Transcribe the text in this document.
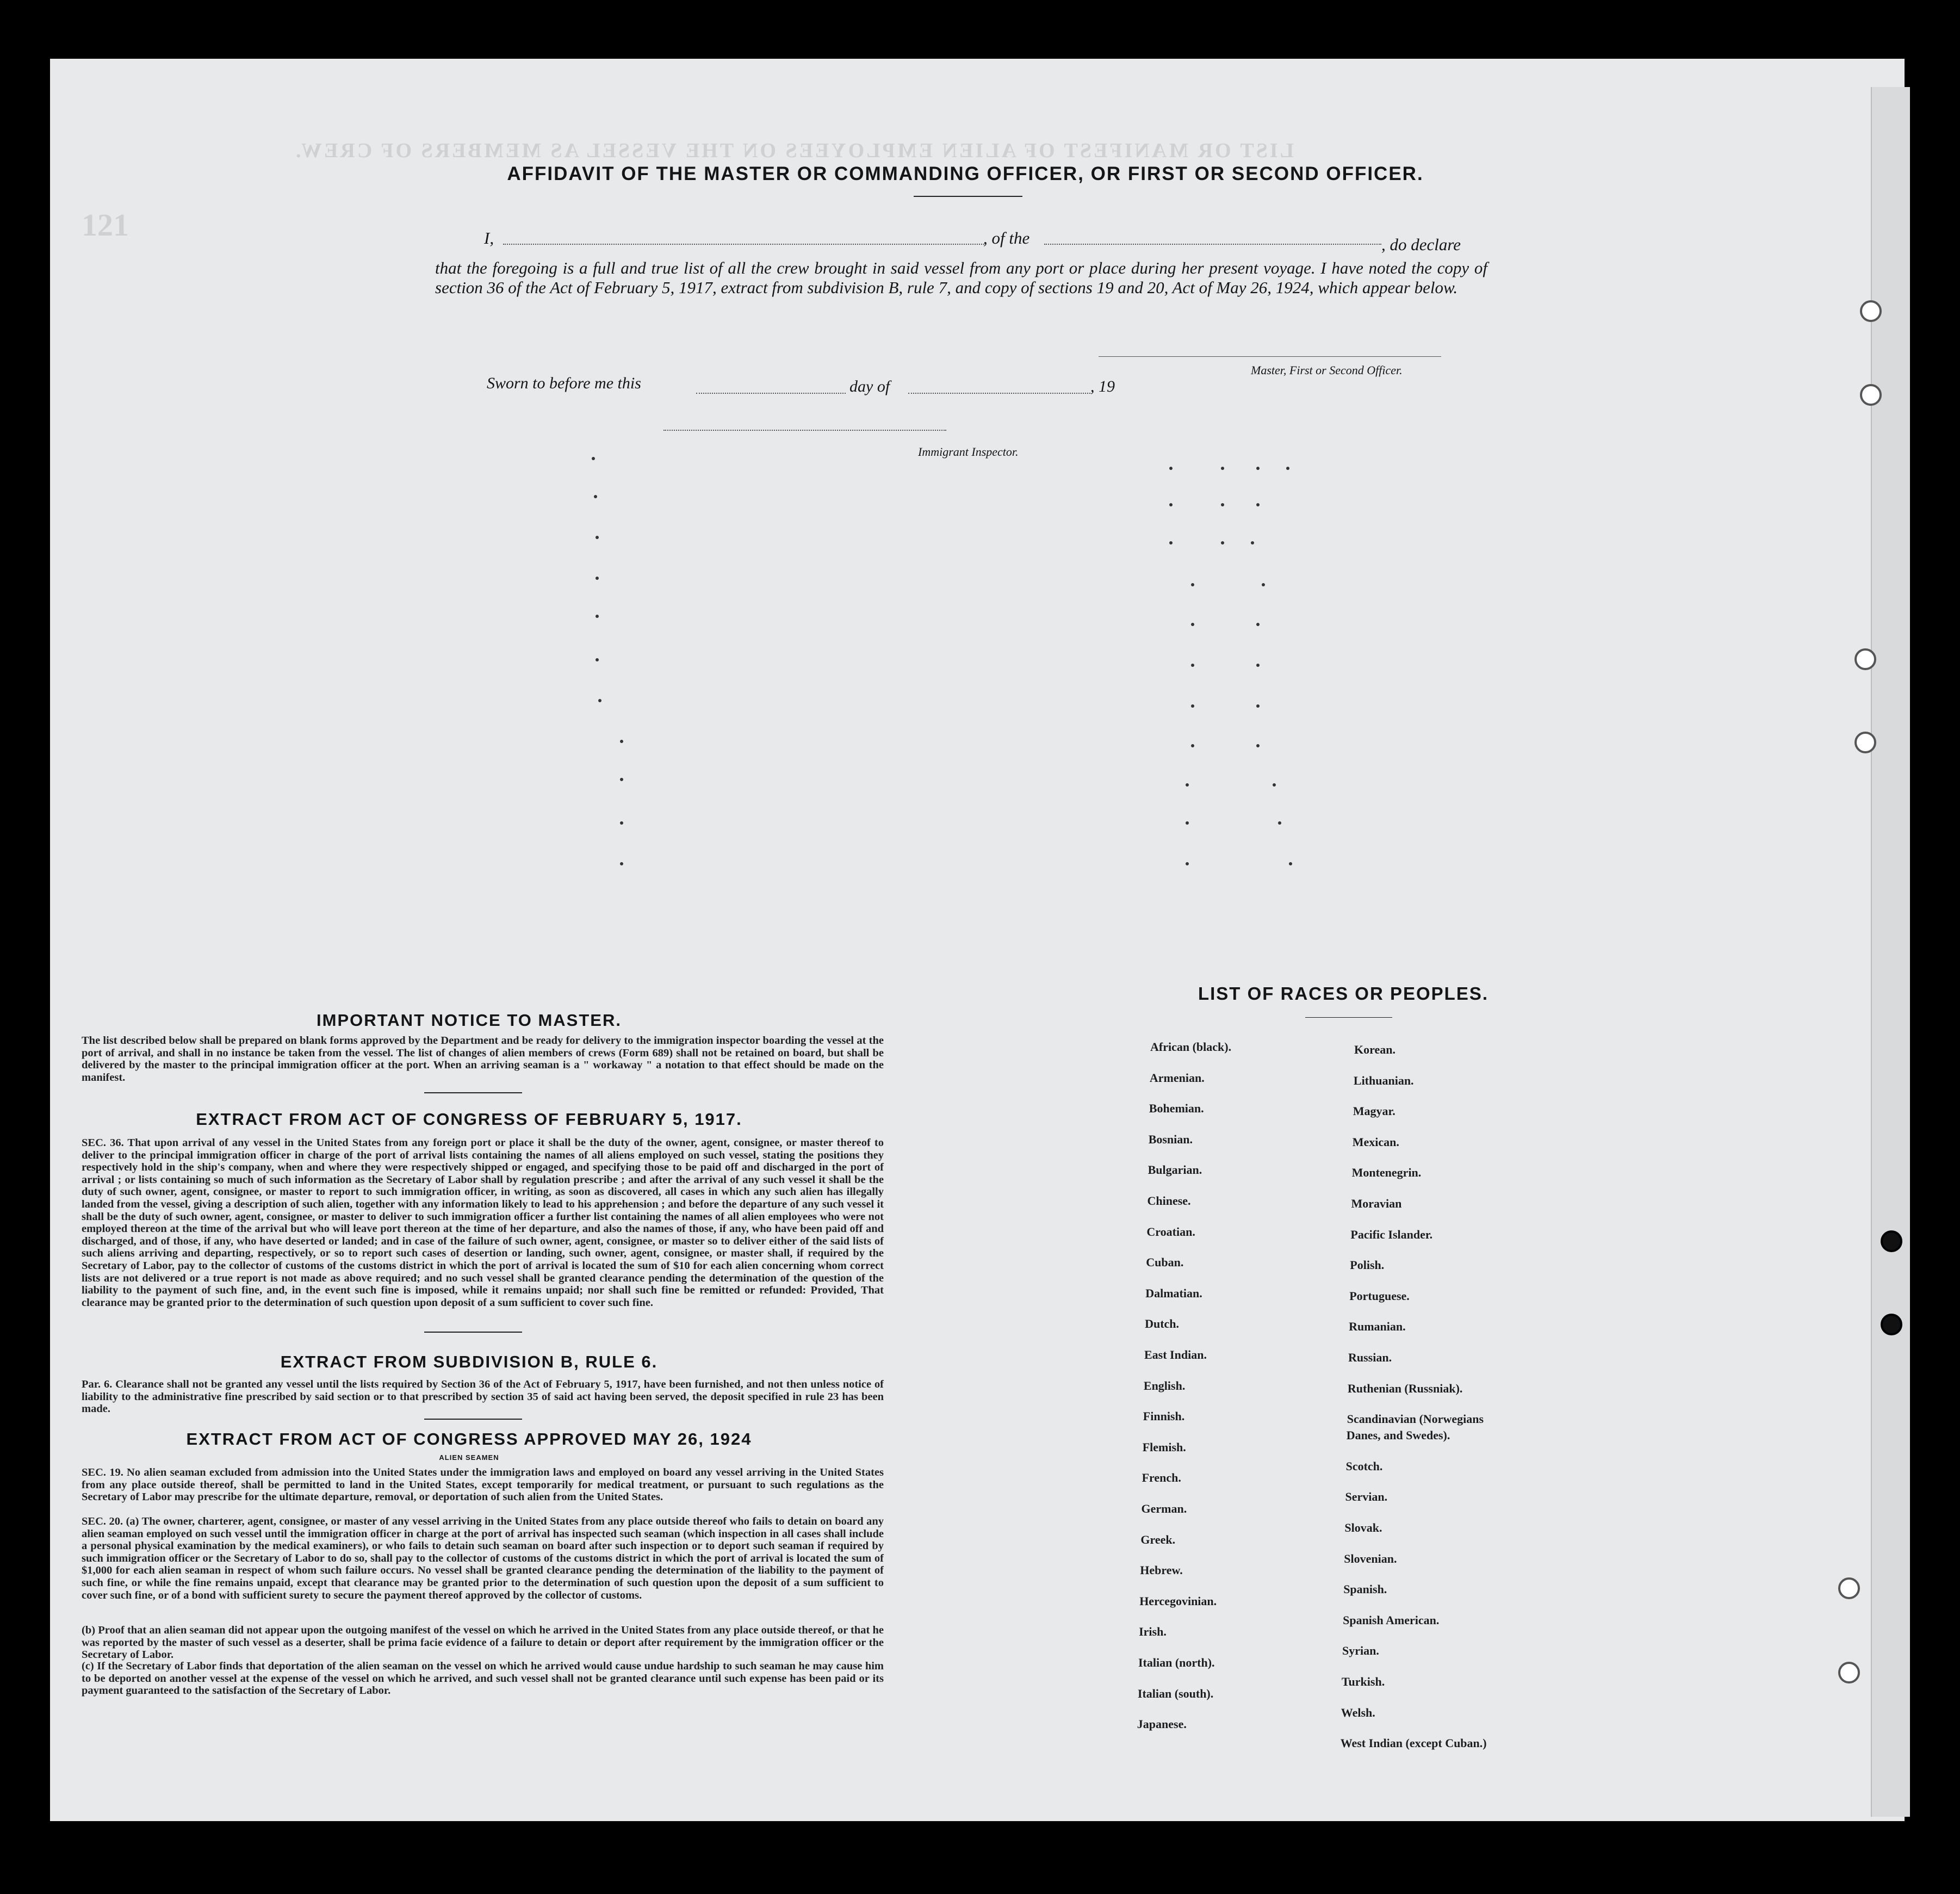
121
LIST OR MANIFEST OF ALIEN EMPLOYEES ON THE VESSEL AS MEMBERS OF CREW.
AFFIDAVIT OF THE MASTER OR COMMANDING OFFICER, OR FIRST OR SECOND OFFICER.
I,	, of the	, do declare
that the foregoing is a full and true list of all the crew brought in said vessel from any port or place during her present voyage. I have noted the copy of section 36 of the Act of February 5, 1917, extract from subdivision B, rule 7, and copy of sections 19 and 20, Act of May 26, 1924, which appear below.
Master, First or Second Officer.
Sworn to before me this	day of	, 19
Immigrant Inspector.
IMPORTANT NOTICE TO MASTER.
The list described below shall be prepared on blank forms approved by the Department and be ready for delivery to the immigration inspector boarding the vessel at the port of arrival, and shall in no instance be taken from the vessel. The list of changes of alien members of crews (Form 689) shall not be retained on board, but shall be delivered by the master to the principal immigration officer at the port. When an arriving seaman is a " workaway " a notation to that effect should be made on the manifest.
EXTRACT FROM ACT OF CONGRESS OF FEBRUARY 5, 1917.
SEC. 36. That upon arrival of any vessel in the United States from any foreign port or place it shall be the duty of the owner, agent, consignee, or master thereof to deliver to the principal immigration officer in charge of the port of arrival lists containing the names of all aliens employed on such vessel, stating the positions they respectively hold in the ship's company, when and where they were respectively shipped or engaged, and specifying those to be paid off and discharged in the port of arrival ; or lists containing so much of such information as the Secretary of Labor shall by regulation prescribe ; and after the arrival of any such vessel it shall be the duty of such owner, agent, consignee, or master to report to such immigration officer, in writing, as soon as discovered, all cases in which any such alien has illegally landed from the vessel, giving a description of such alien, together with any information likely to lead to his apprehension ; and before the departure of any such vessel it shall be the duty of such owner, agent, consignee, or master to deliver to such immigration officer a further list containing the names of all alien employees who were not employed thereon at the time of the arrival but who will leave port thereon at the time of her departure, and also the names of those, if any, who have been paid off and discharged, and of those, if any, who have deserted or landed; and in case of the failure of such owner, agent, consignee, or master so to deliver either of the said lists of such aliens arriving and departing, respectively, or so to report such cases of desertion or landing, such owner, agent, consignee, or master shall, if required by the Secretary of Labor, pay to the collector of customs of the customs district in which the port of arrival is located the sum of $10 for each alien concerning whom correct lists are not delivered or a true report is not made as above required; and no such vessel shall be granted clearance pending the determination of the question of the liability to the payment of such fine, and, in the event such fine is imposed, while it remains unpaid; nor shall such fine be remitted or refunded: Provided, That clearance may be granted prior to the determination of such question upon deposit of a sum sufficient to cover such fine.
EXTRACT FROM SUBDIVISION B, RULE 6.
Par. 6. Clearance shall not be granted any vessel until the lists required by Section 36 of the Act of February 5, 1917, have been furnished, and not then unless notice of liability to the administrative fine prescribed by said section or to that prescribed by section 35 of said act having been served, the deposit specified in rule 23 has been made.
EXTRACT FROM ACT OF CONGRESS APPROVED MAY 26, 1924
ALIEN SEAMEN
SEC. 19. No alien seaman excluded from admission into the United States under the immigration laws and employed on board any vessel arriving in the United States from any place outside thereof, shall be permitted to land in the United States, except temporarily for medical treatment, or pursuant to such regulations as the Secretary of Labor may prescribe for the ultimate departure, removal, or deportation of such alien from the United States.
SEC. 20. (a) The owner, charterer, agent, consignee, or master of any vessel arriving in the United States from any place outside thereof who fails to detain on board any alien seaman employed on such vessel until the immigration officer in charge at the port of arrival has inspected such seaman (which inspection in all cases shall include a personal physical examination by the medical examiners), or who fails to detain such seaman on board after such inspection or to deport such seaman if required by such immigration officer or the Secretary of Labor to do so, shall pay to the collector of customs of the customs district in which the port of arrival is located the sum of $1,000 for each alien seaman in respect of whom such failure occurs. No vessel shall be granted clearance pending the determination of the liability to the payment of such fine, or while the fine remains unpaid, except that clearance may be granted prior to the determination of such question upon the deposit of a sum sufficient to cover such fine, or of a bond with sufficient surety to secure the payment thereof approved by the collector of customs.
(b) Proof that an alien seaman did not appear upon the outgoing manifest of the vessel on which he arrived in the United States from any place outside thereof, or that he was reported by the master of such vessel as a deserter, shall be prima facie evidence of a failure to detain or deport after requirement by the immigration officer or the Secretary of Labor.
(c) If the Secretary of Labor finds that deportation of the alien seaman on the vessel on which he arrived would cause undue hardship to such seaman he may cause him to be deported on another vessel at the expense of the vessel on which he arrived, and such vessel shall not be granted clearance until such expense has been paid or its payment guaranteed to the satisfaction of the Secretary of Labor.
LIST OF RACES OR PEOPLES.
African (black).
Armenian.
Bohemian.
Bosnian.
Bulgarian.
Chinese.
Croatian.
Cuban.
Dalmatian.
Dutch.
East Indian.
English.
Finnish.
Flemish.
French.
German.
Greek.
Hebrew.
Hercegovinian.
Irish.
Italian (north).
Italian (south).
Japanese.
Korean.
Lithuanian.
Magyar.
Mexican.
Montenegrin.
Moravian
Pacific Islander.
Polish.
Portuguese.
Rumanian.
Russian.
Ruthenian (Russniak).
Scandinavian (Norwegians
Danes, and Swedes).
Scotch.
Servian.
Slovak.
Slovenian.
Spanish.
Spanish American.
Syrian.
Turkish.
Welsh.
West Indian (except Cuban.)
